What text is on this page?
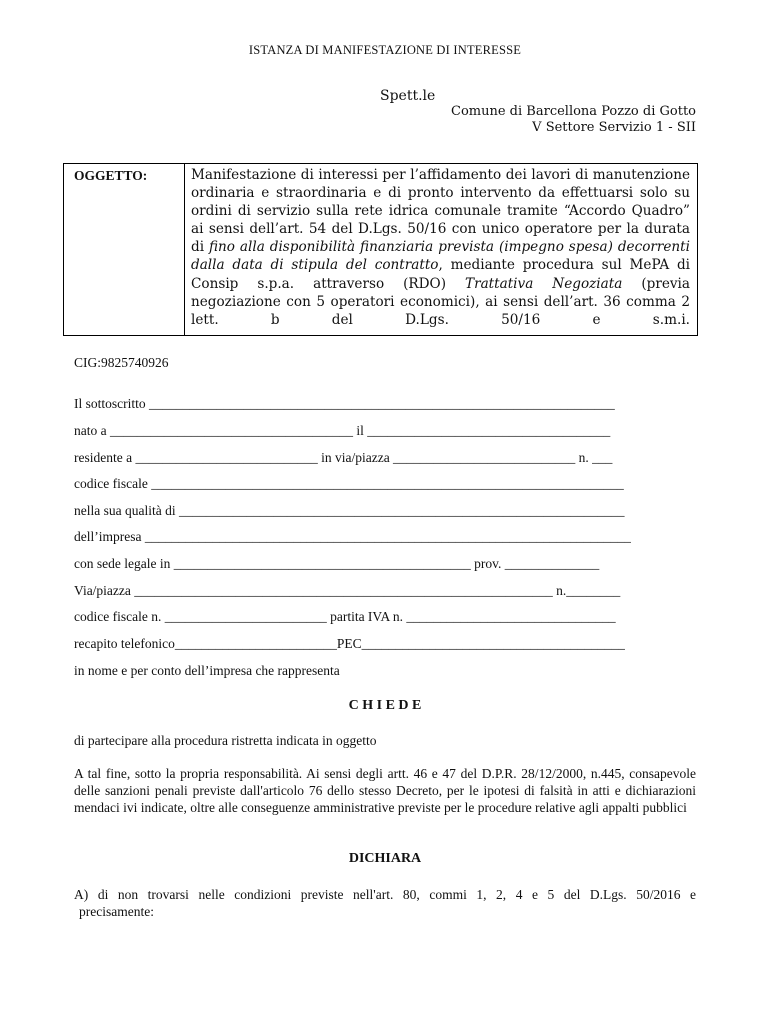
ISTANZA DI MANIFESTAZIONE DI INTERESSE
Spett.le
Comune di Barcellona Pozzo di Gotto
V Settore Servizio 1 - SII
OGGETTO:	Manifestazione di interessi per l’affidamento dei lavori di manutenzione ordinaria e straordinaria e di pronto intervento da effettuarsi solo su ordini di servizio sulla rete idrica comunale tramite “Accordo Quadro” ai sensi dell’art. 54 del D.Lgs. 50/16 con unico operatore per la durata di fino alla disponibilità finanziaria prevista (impegno spesa) decorrenti dalla data di stipula del contratto, mediante procedura sul MePA di Consip s.p.a. attraverso (RDO) Trattativa Negoziata (previa negoziazione con 5 operatori economici), ai sensi dell’art. 36 comma 2 lett. b del D.Lgs. 50/16 e s.m.i.
CIG:9825740926
Il sottoscritto _____________________________________________________________________
nato a ____________________________________ il ____________________________________
residente a ___________________________ in via/piazza ___________________________ n. ___
codice fiscale ______________________________________________________________________
nella sua qualità di __________________________________________________________________
dell’impresa ________________________________________________________________________
con sede legale in ____________________________________________ prov. ______________
Via/piazza ______________________________________________________________ n.________
codice fiscale n. ________________________ partita IVA n. _______________________________
recapito telefonico________________________PEC_______________________________________
in nome e per conto dell’impresa che rappresenta
C H I E D E
di partecipare alla procedura ristretta indicata in oggetto
A tal fine, sotto la propria responsabilità. Ai sensi degli artt. 46 e 47 del D.P.R. 28/12/2000, n.445, consapevole delle sanzioni penali previste dall'articolo 76 dello stesso Decreto, per le ipotesi di falsità in atti e dichiarazioni mendaci ivi indicate, oltre alle conseguenze amministrative previste per le procedure relative agli appalti pubblici
DICHIARA
A) di non trovarsi nelle condizioni previste nell'art. 80, commi 1, 2, 4 e 5 del D.Lgs. 50/2016 e
precisamente:
